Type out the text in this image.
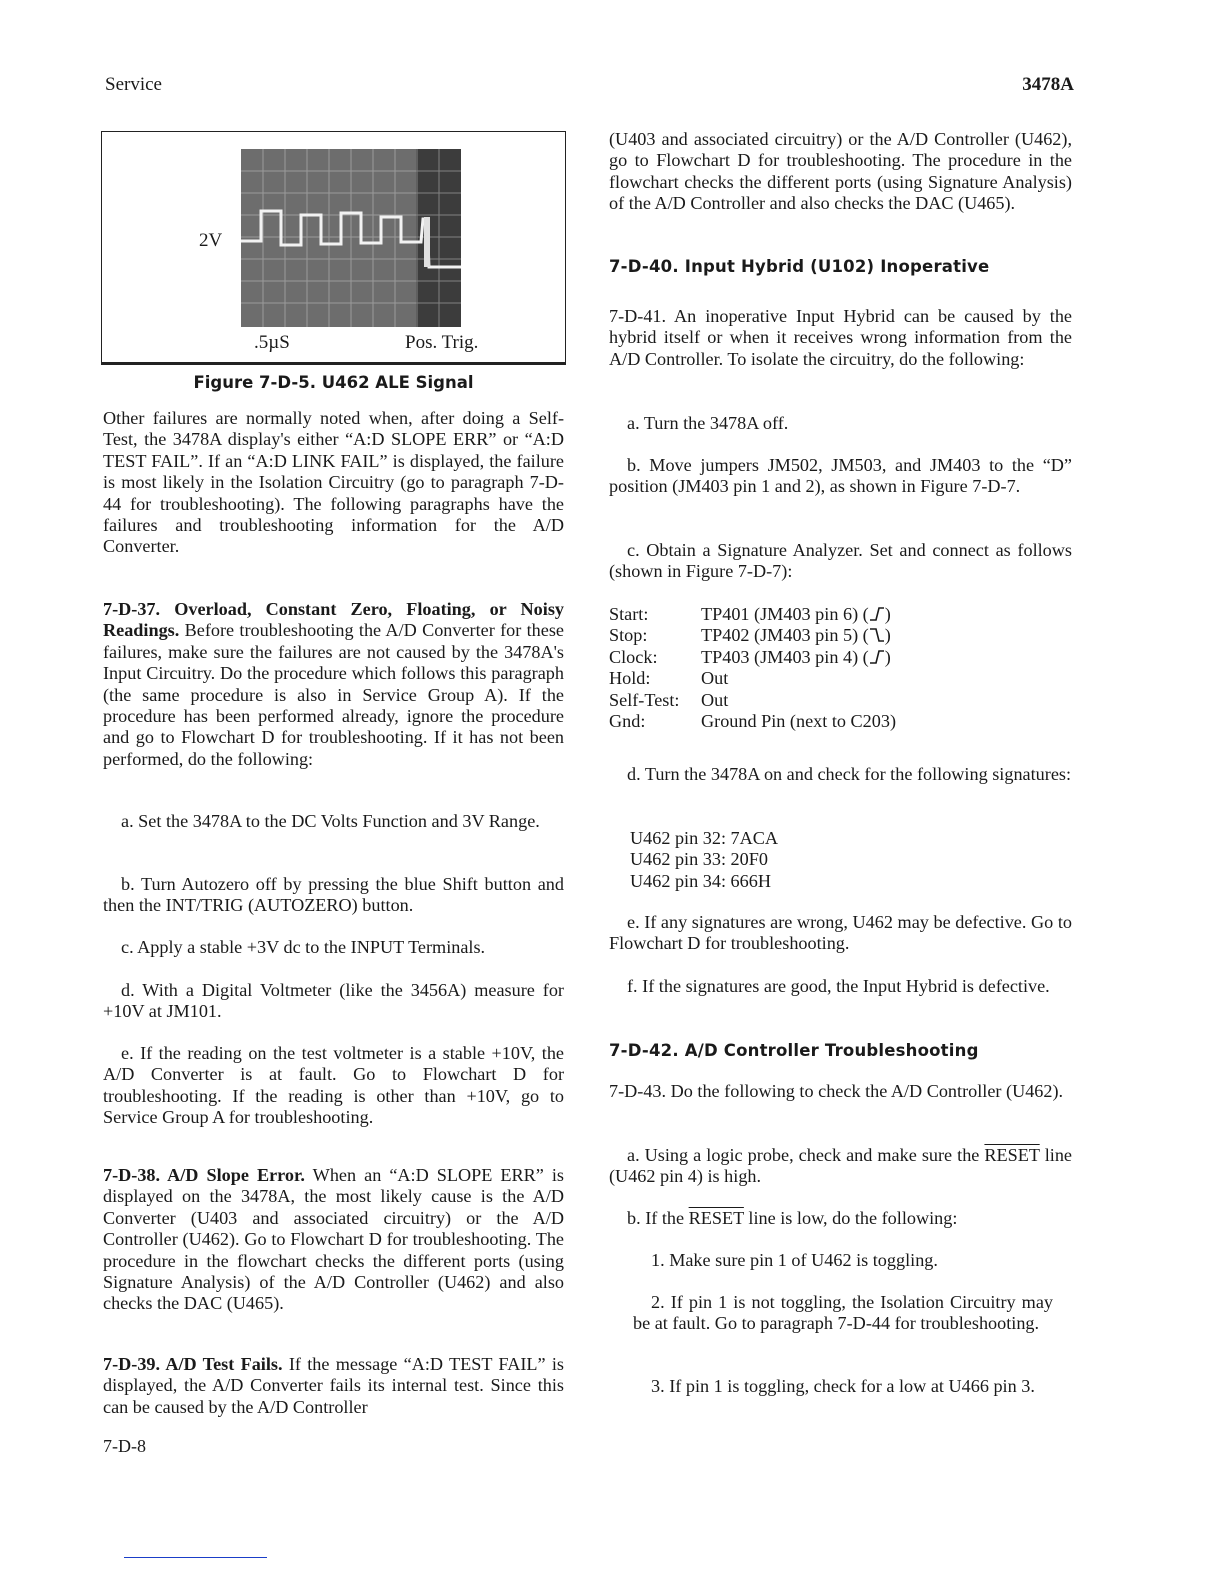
Service	3478A
2V
.5µS	Pos. Trig.
Figure 7-D-5. U462 ALE Signal

Other failures are normally noted when, after doing a Self-Test, the 3478A display's either “A:D SLOPE ERR” or “A:D TEST FAIL”. If an “A:D LINK FAIL” is displayed, the failure is most likely in the Isolation Circuitry (go to paragraph 7-D-44 for troubleshooting). The following paragraphs have the failures and troubleshooting information for the A/D Converter.

7-D-37. Overload, Constant Zero, Floating, or Noisy Readings. Before troubleshooting the A/D Converter for these failures, make sure the failures are not caused by the 3478A's Input Circuitry. Do the procedure which follows this paragraph (the same procedure is also in Service Group A). If the procedure has been performed already, ignore the procedure and go to Flowchart D for troubleshooting. If it has not been performed, do the following:

a. Set the 3478A to the DC Volts Function and 3V Range.

b. Turn Autozero off by pressing the blue Shift button and then the INT/TRIG (AUTOZERO) button.

c. Apply a stable +3V dc to the INPUT Terminals.

d. With a Digital Voltmeter (like the 3456A) measure for +10V at JM101.

e. If the reading on the test voltmeter is a stable +10V, the A/D Converter is at fault. Go to Flowchart D for troubleshooting. If the reading is other than +10V, go to Service Group A for troubleshooting.

7-D-38. A/D Slope Error. When an “A:D SLOPE ERR” is displayed on the 3478A, the most likely cause is the A/D Converter (U403 and associated circuitry) or the A/D Controller (U462). Go to Flowchart D for troubleshooting. The procedure in the flowchart checks the different ports (using Signature Analysis) of the A/D Controller (U462) and also checks the DAC (U465).

7-D-39. A/D Test Fails. If the message “A:D TEST FAIL” is displayed, the A/D Converter fails its internal test. Since this can be caused by the A/D Controller

(U403 and associated circuitry) or the A/D Controller (U462), go to Flowchart D for troubleshooting. The procedure in the flowchart checks the different ports (using Signature Analysis) of the A/D Controller and also checks the DAC (U465).

7-D-40. Input Hybrid (U102) Inoperative

7-D-41. An inoperative Input Hybrid can be caused by the hybrid itself or when it receives wrong information from the A/D Controller. To isolate the circuitry, do the following:

a. Turn the 3478A off.

b. Move jumpers JM502, JM503, and JM403 to the “D” position (JM403 pin 1 and 2), as shown in Figure 7-D-7.

c. Obtain a Signature Analyzer. Set and connect as follows (shown in Figure 7-D-7):

Start:	TP401 (JM403 pin 6) ( )
Stop:	TP402 (JM403 pin 5) ( )
Clock:	TP403 (JM403 pin 4) ( )
Hold:	Out
Self-Test:	Out
Gnd:	Ground Pin (next to C203)

d. Turn the 3478A on and check for the following signatures:

U462 pin 32: 7ACA
U462 pin 33: 20F0
U462 pin 34: 666H

e. If any signatures are wrong, U462 may be defective. Go to Flowchart D for troubleshooting.

f. If the signatures are good, the Input Hybrid is defective.

7-D-42. A/D Controller Troubleshooting

7-D-43. Do the following to check the A/D Controller (U462).

a. Using a logic probe, check and make sure the RESET line (U462 pin 4) is high.

b. If the RESET line is low, do the following:

1. Make sure pin 1 of U462 is toggling.

2. If pin 1 is not toggling, the Isolation Circuitry may be at fault. Go to paragraph 7-D-44 for troubleshooting.

3. If pin 1 is toggling, check for a low at U466 pin 3.

7-D-8
